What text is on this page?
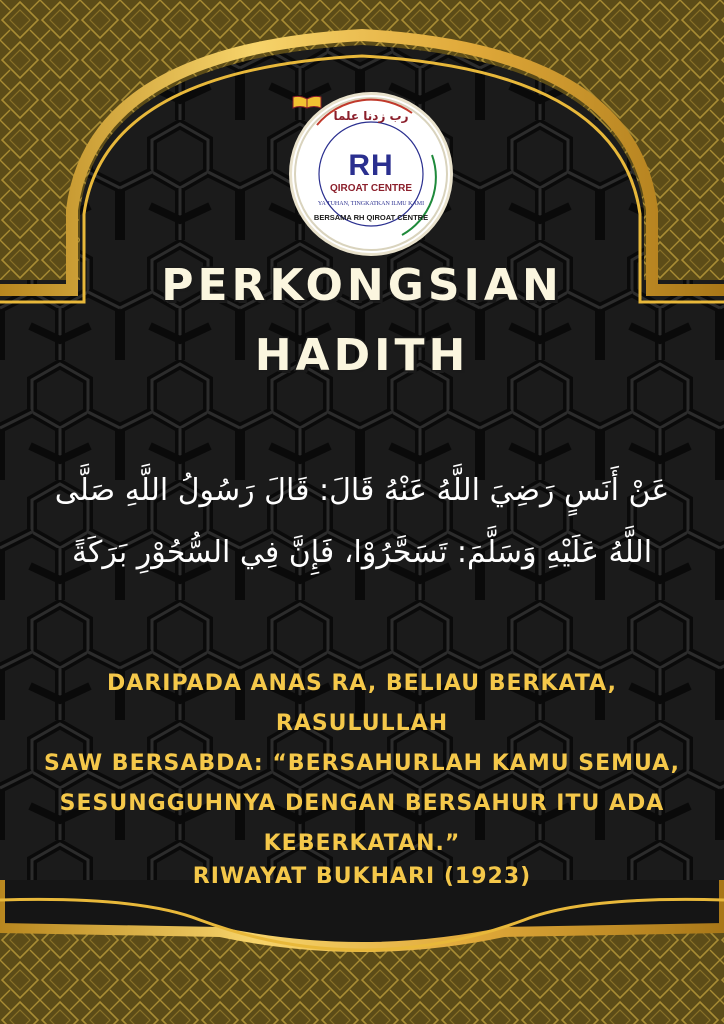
RH
QIROAT CENTRE
رب زدنا علما
BERSAMA RH QIROAT CENTRE
YA TUHAN, TINGKATKAN ILMU KAMI
PERKONGSIAN
HADITH
عَنْ أَنَسٍ رَضِيَ اللَّهُ عَنْهُ قَالَ: قَالَ رَسُولُ اللَّهِ صَلَّى
اللَّهُ عَلَيْهِ وَسَلَّمَ: تَسَحَّرُوْا، فَإِنَّ فِي السُّحُوْرِ بَرَكَةً
DARIPADA ANAS RA, BELIAU BERKATA, RASULULLAH
SAW BERSABDA: “BERSAHURLAH KAMU SEMUA,
SESUNGGUHNYA DENGAN BERSAHUR ITU ADA
KEBERKATAN.”
RIWAYAT BUKHARI (1923)
